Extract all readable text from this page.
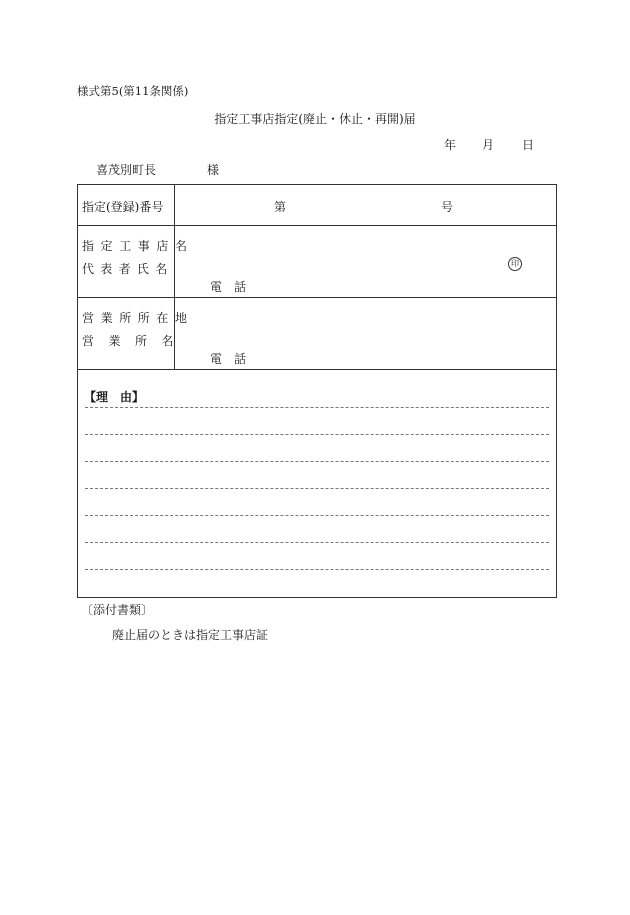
様式第5(第11条関係)
指定工事店指定(廃止・休止・再開)届
年 月 日
喜茂別町長	様
指定(登録)番号	第	号
指定工事店名
代表者氏名	印
電　話
営業所所在地
営業所名
電　話
【理　由】
〔添付書類〕
廃止届のときは指定工事店証
